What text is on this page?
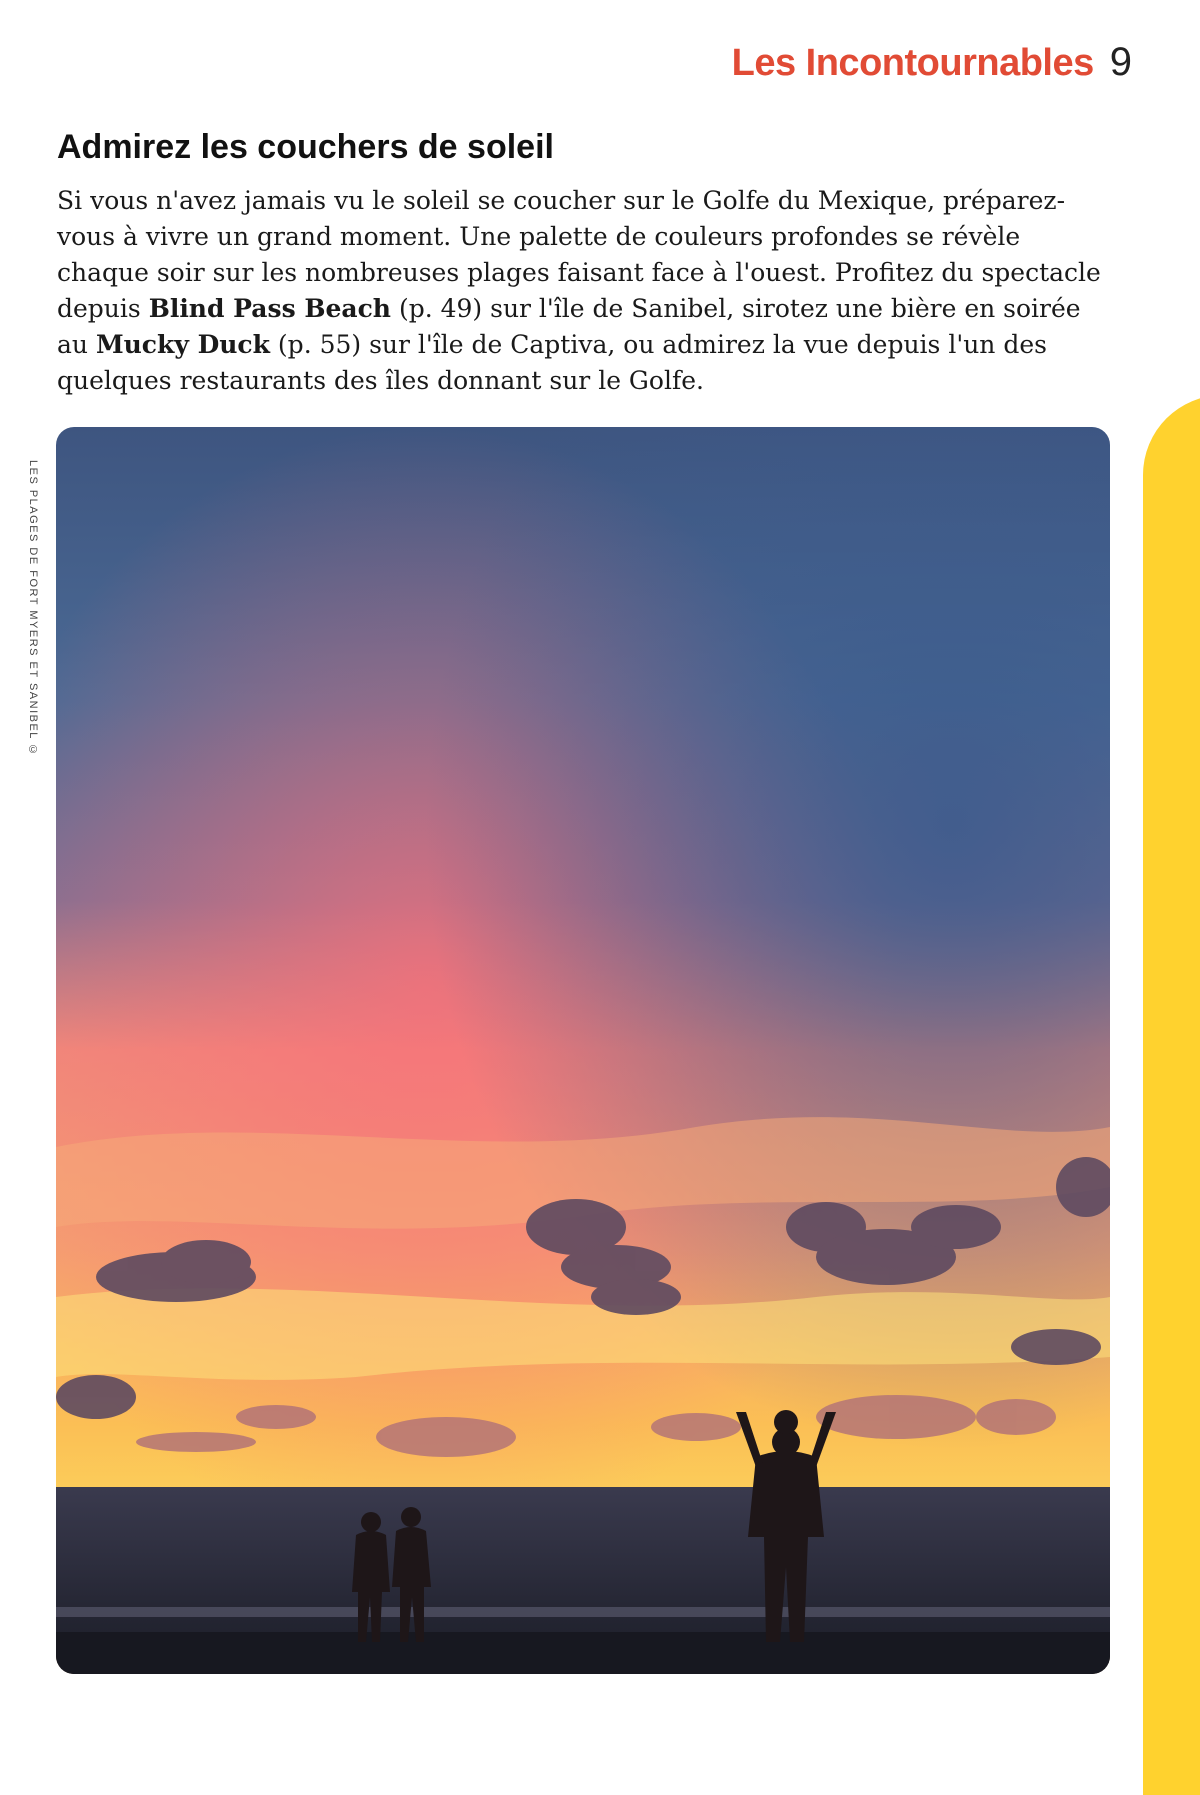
Les Incontournables 9
Admirez les couchers de soleil

Si vous n'avez jamais vu le soleil se coucher sur le Golfe du Mexique, préparez-vous à vivre un grand moment. Une palette de couleurs profondes se révèle chaque soir sur les nombreuses plages faisant face à l'ouest. Profitez du spectacle depuis Blind Pass Beach (p. 49) sur l'île de Sanibel, sirotez une bière en soirée au Mucky Duck (p. 55) sur l'île de Captiva, ou admirez la vue depuis l'un des quelques restaurants des îles donnant sur le Golfe.

LES PLAGES DE FORT MYERS ET SANIBEL ©
